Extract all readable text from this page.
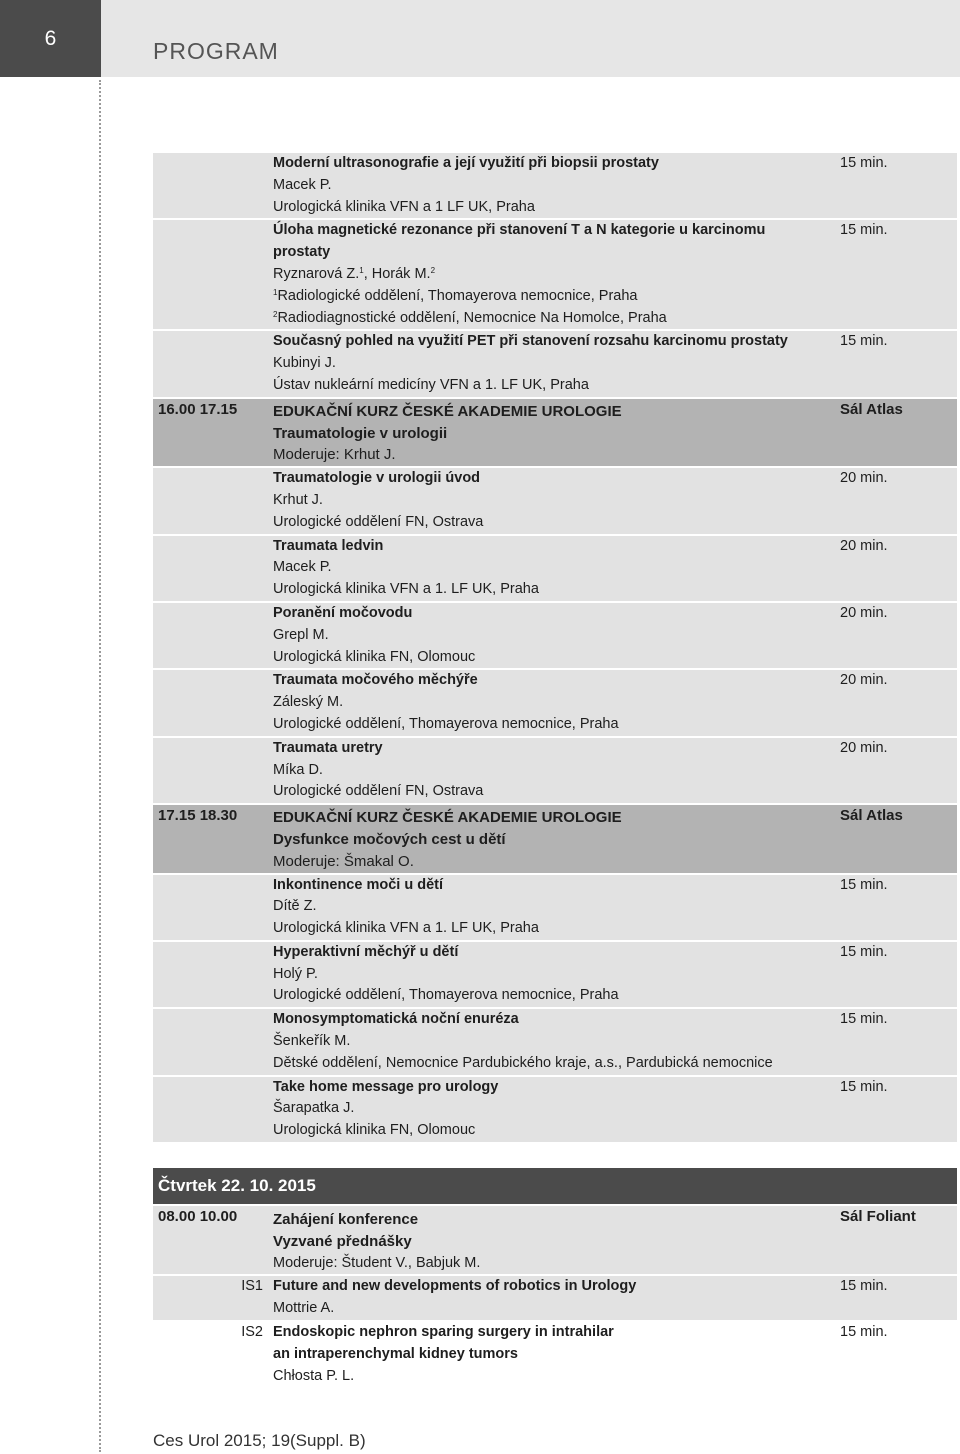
6	PROGRAM
Moderní ultrasonografie a její využití při biopsii prostaty
Macek P.
Urologická klinika VFN a 1 LF UK, Praha
15 min.
Úloha magnetické rezonance při stanovení T a N kategorie u karcinomu
prostaty
Ryznarová Z.$^1$, Horák M.$^2$
$^1$Radiologické oddělení, Thomayerova nemocnice, Praha
$^2$Radiodiagnostické oddělení, Nemocnice Na Homolce, Praha
15 min.
Současný pohled na využití PET při stanovení rozsahu karcinomu prostaty
Kubinyi J.
Ústav nukleární medicíny VFN a 1. LF UK, Praha
15 min.
16.00 17.15 EDUKAČNÍ KURZ ČESKÉ AKADEMIE UROLOGIE
Traumatologie v urologii
Moderuje: Krhut J.
Sál Atlas
Traumatologie v urologii úvod
Krhut J.
Urologické oddělení FN, Ostrava
20 min.
Traumata ledvin
Macek P.
Urologická klinika VFN a 1. LF UK, Praha
20 min.
Poranění močovodu
Grepl M.
Urologická klinika FN, Olomouc
20 min.
Traumata močového měchýře
Záleský M.
Urologické oddělení, Thomayerova nemocnice, Praha
20 min.
Traumata uretry
Míka D.
Urologické oddělení FN, Ostrava
20 min.
17.15 18.30 EDUKAČNÍ KURZ ČESKÉ AKADEMIE UROLOGIE
Dysfunkce močových cest u dětí
Moderuje: Šmakal O.
Sál Atlas
Inkontinence moči u dětí
Dítě Z.
Urologická klinika VFN a 1. LF UK, Praha
15 min.
Hyperaktivní měchýř u dětí
Holý P.
Urologické oddělení, Thomayerova nemocnice, Praha
15 min.
Monosymptomatická noční enuréza
Šenkeřík M.
Dětské oddělení, Nemocnice Pardubického kraje, a.s., Pardubická nemocnice
15 min.
Take home message pro urology
Šarapatka J.
Urologická klinika FN, Olomouc
15 min.
Čtvrtek 22. 10. 2015
08.00 10.00 Zahájení konference
Vyzvané přednášky
Moderuje: Študent V., Babjuk M.
Sál Foliant
IS1 Future and new developments of robotics in Urology
Mottrie A.
15 min.
IS2 Endoskopic nephron sparing surgery in intrahilar
an intraperenchymal kidney tumors
Chłosta P. L.
15 min.
Ces Urol 2015; 19(Suppl. B)
